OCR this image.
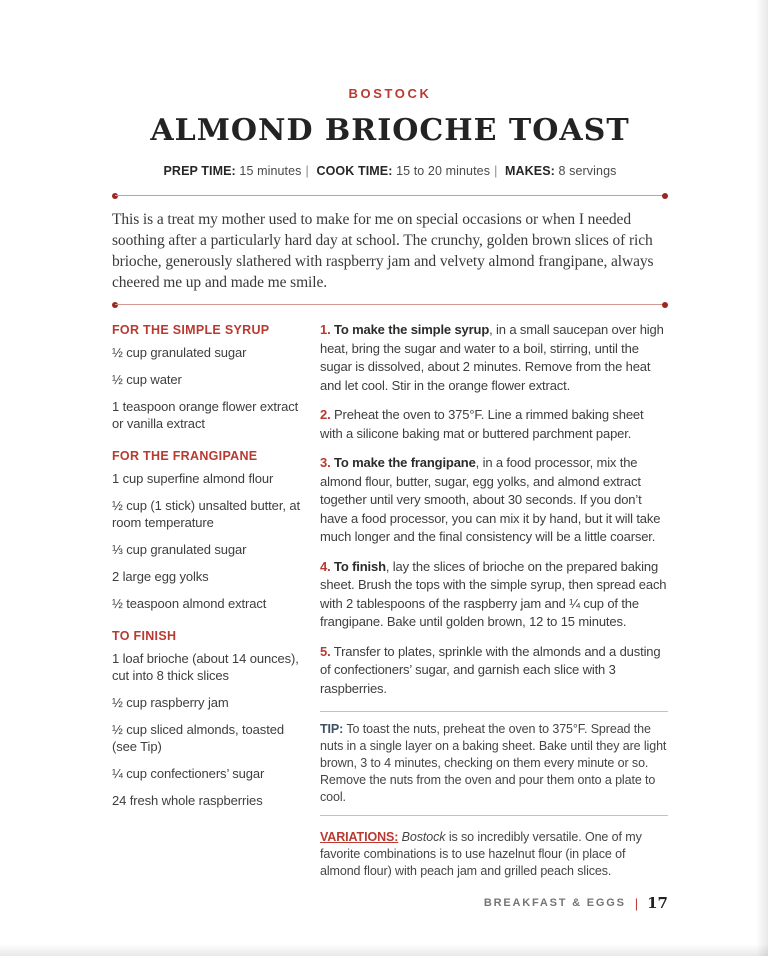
BOSTOCK
ALMOND BRIOCHE TOAST
PREP TIME: 15 minutes | COOK TIME: 15 to 20 minutes | MAKES: 8 servings

This is a treat my mother used to make for me on special occasions or when I needed soothing after a particularly hard day at school. The crunchy, golden brown slices of rich brioche, generously slathered with raspberry jam and velvety almond frangipane, always cheered me up and made me smile.

FOR THE SIMPLE SYRUP

½ cup granulated sugar

½ cup water

1 teaspoon orange flower extract or vanilla extract

FOR THE FRANGIPANE

1 cup superfine almond flour

½ cup (1 stick) unsalted butter, at room temperature

⅓ cup granulated sugar

2 large egg yolks

½ teaspoon almond extract

TO FINISH

1 loaf brioche (about 14 ounces), cut into 8 thick slices

½ cup raspberry jam

½ cup sliced almonds, toasted (see Tip)

¼ cup confectioners’ sugar

24 fresh whole raspberries

1. To make the simple syrup, in a small saucepan over high heat, bring the sugar and water to a boil, stirring, until the sugar is dissolved, about 2 minutes. Remove from the heat and let cool. Stir in the orange flower extract.

2. Preheat the oven to 375°F. Line a rimmed baking sheet with a silicone baking mat or buttered parchment paper.

3. To make the frangipane, in a food processor, mix the almond flour, butter, sugar, egg yolks, and almond extract together until very smooth, about 30 seconds. If you don’t have a food processor, you can mix it by hand, but it will take much longer and the final consistency will be a little coarser.

4. To finish, lay the slices of brioche on the prepared baking sheet. Brush the tops with the simple syrup, then spread each with 2 tablespoons of the raspberry jam and ¼ cup of the frangipane. Bake until golden brown, 12 to 15 minutes.

5. Transfer to plates, sprinkle with the almonds and a dusting of confectioners’ sugar, and garnish each slice with 3 raspberries.

TIP: To toast the nuts, preheat the oven to 375°F. Spread the nuts in a single layer on a baking sheet. Bake until they are light brown, 3 to 4 minutes, checking on them every minute or so. Remove the nuts from the oven and pour them onto a plate to cool.
VARIATIONS: Bostock is so incredibly versatile. One of my favorite combinations is to use hazelnut flour (in place of almond flour) with peach jam and grilled peach slices.
BREAKFAST & EGGS | 17
